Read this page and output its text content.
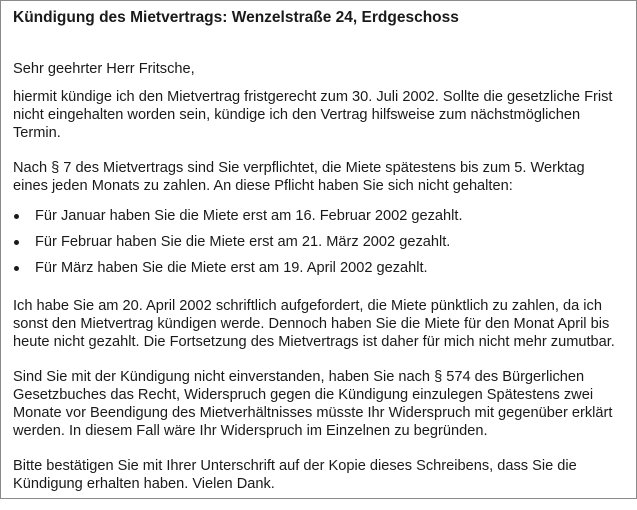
Kündigung des Mietvertrags: Wenzelstraße 24, Erdgeschoss

Sehr geehrter Herr Fritsche,

hiermit kündige ich den Mietvertrag fristgerecht zum 30. Juli 2002. Sollte die gesetzliche Frist nicht eingehalten worden sein, kündige ich den Vertrag hilfsweise zum nächstmöglichen Termin.

Nach § 7 des Mietvertrags sind Sie verpflichtet, die Miete spätestens bis zum 5. Werktag eines jeden Monats zu zahlen. An diese Pflicht haben Sie sich nicht gehalten:

Für Januar haben Sie die Miete erst am 16. Februar 2002 gezahlt.
Für Februar haben Sie die Miete erst am 21. März 2002 gezahlt.
Für März haben Sie die Miete erst am 19. April 2002 gezahlt.

Ich habe Sie am 20. April 2002 schriftlich aufgefordert, die Miete pünktlich zu zahlen, da ich sonst den Mietvertrag kündigen werde. Dennoch haben Sie die Miete für den Monat April bis heute nicht gezahlt. Die Fortsetzung des Mietvertrags ist daher für mich nicht mehr zumutbar.

Sind Sie mit der Kündigung nicht einverstanden, haben Sie nach § 574 des Bürgerlichen Gesetzbuches das Recht, Widerspruch gegen die Kündigung einzulegen Spätestens zwei Monate vor Beendigung des Mietverhältnisses müsste Ihr Widerspruch mit gegenüber erklärt werden. In diesem Fall wäre Ihr Widerspruch im Einzelnen zu begründen.

Bitte bestätigen Sie mit Ihrer Unterschrift auf der Kopie dieses Schreibens, dass Sie die Kündigung erhalten haben. Vielen Dank.
